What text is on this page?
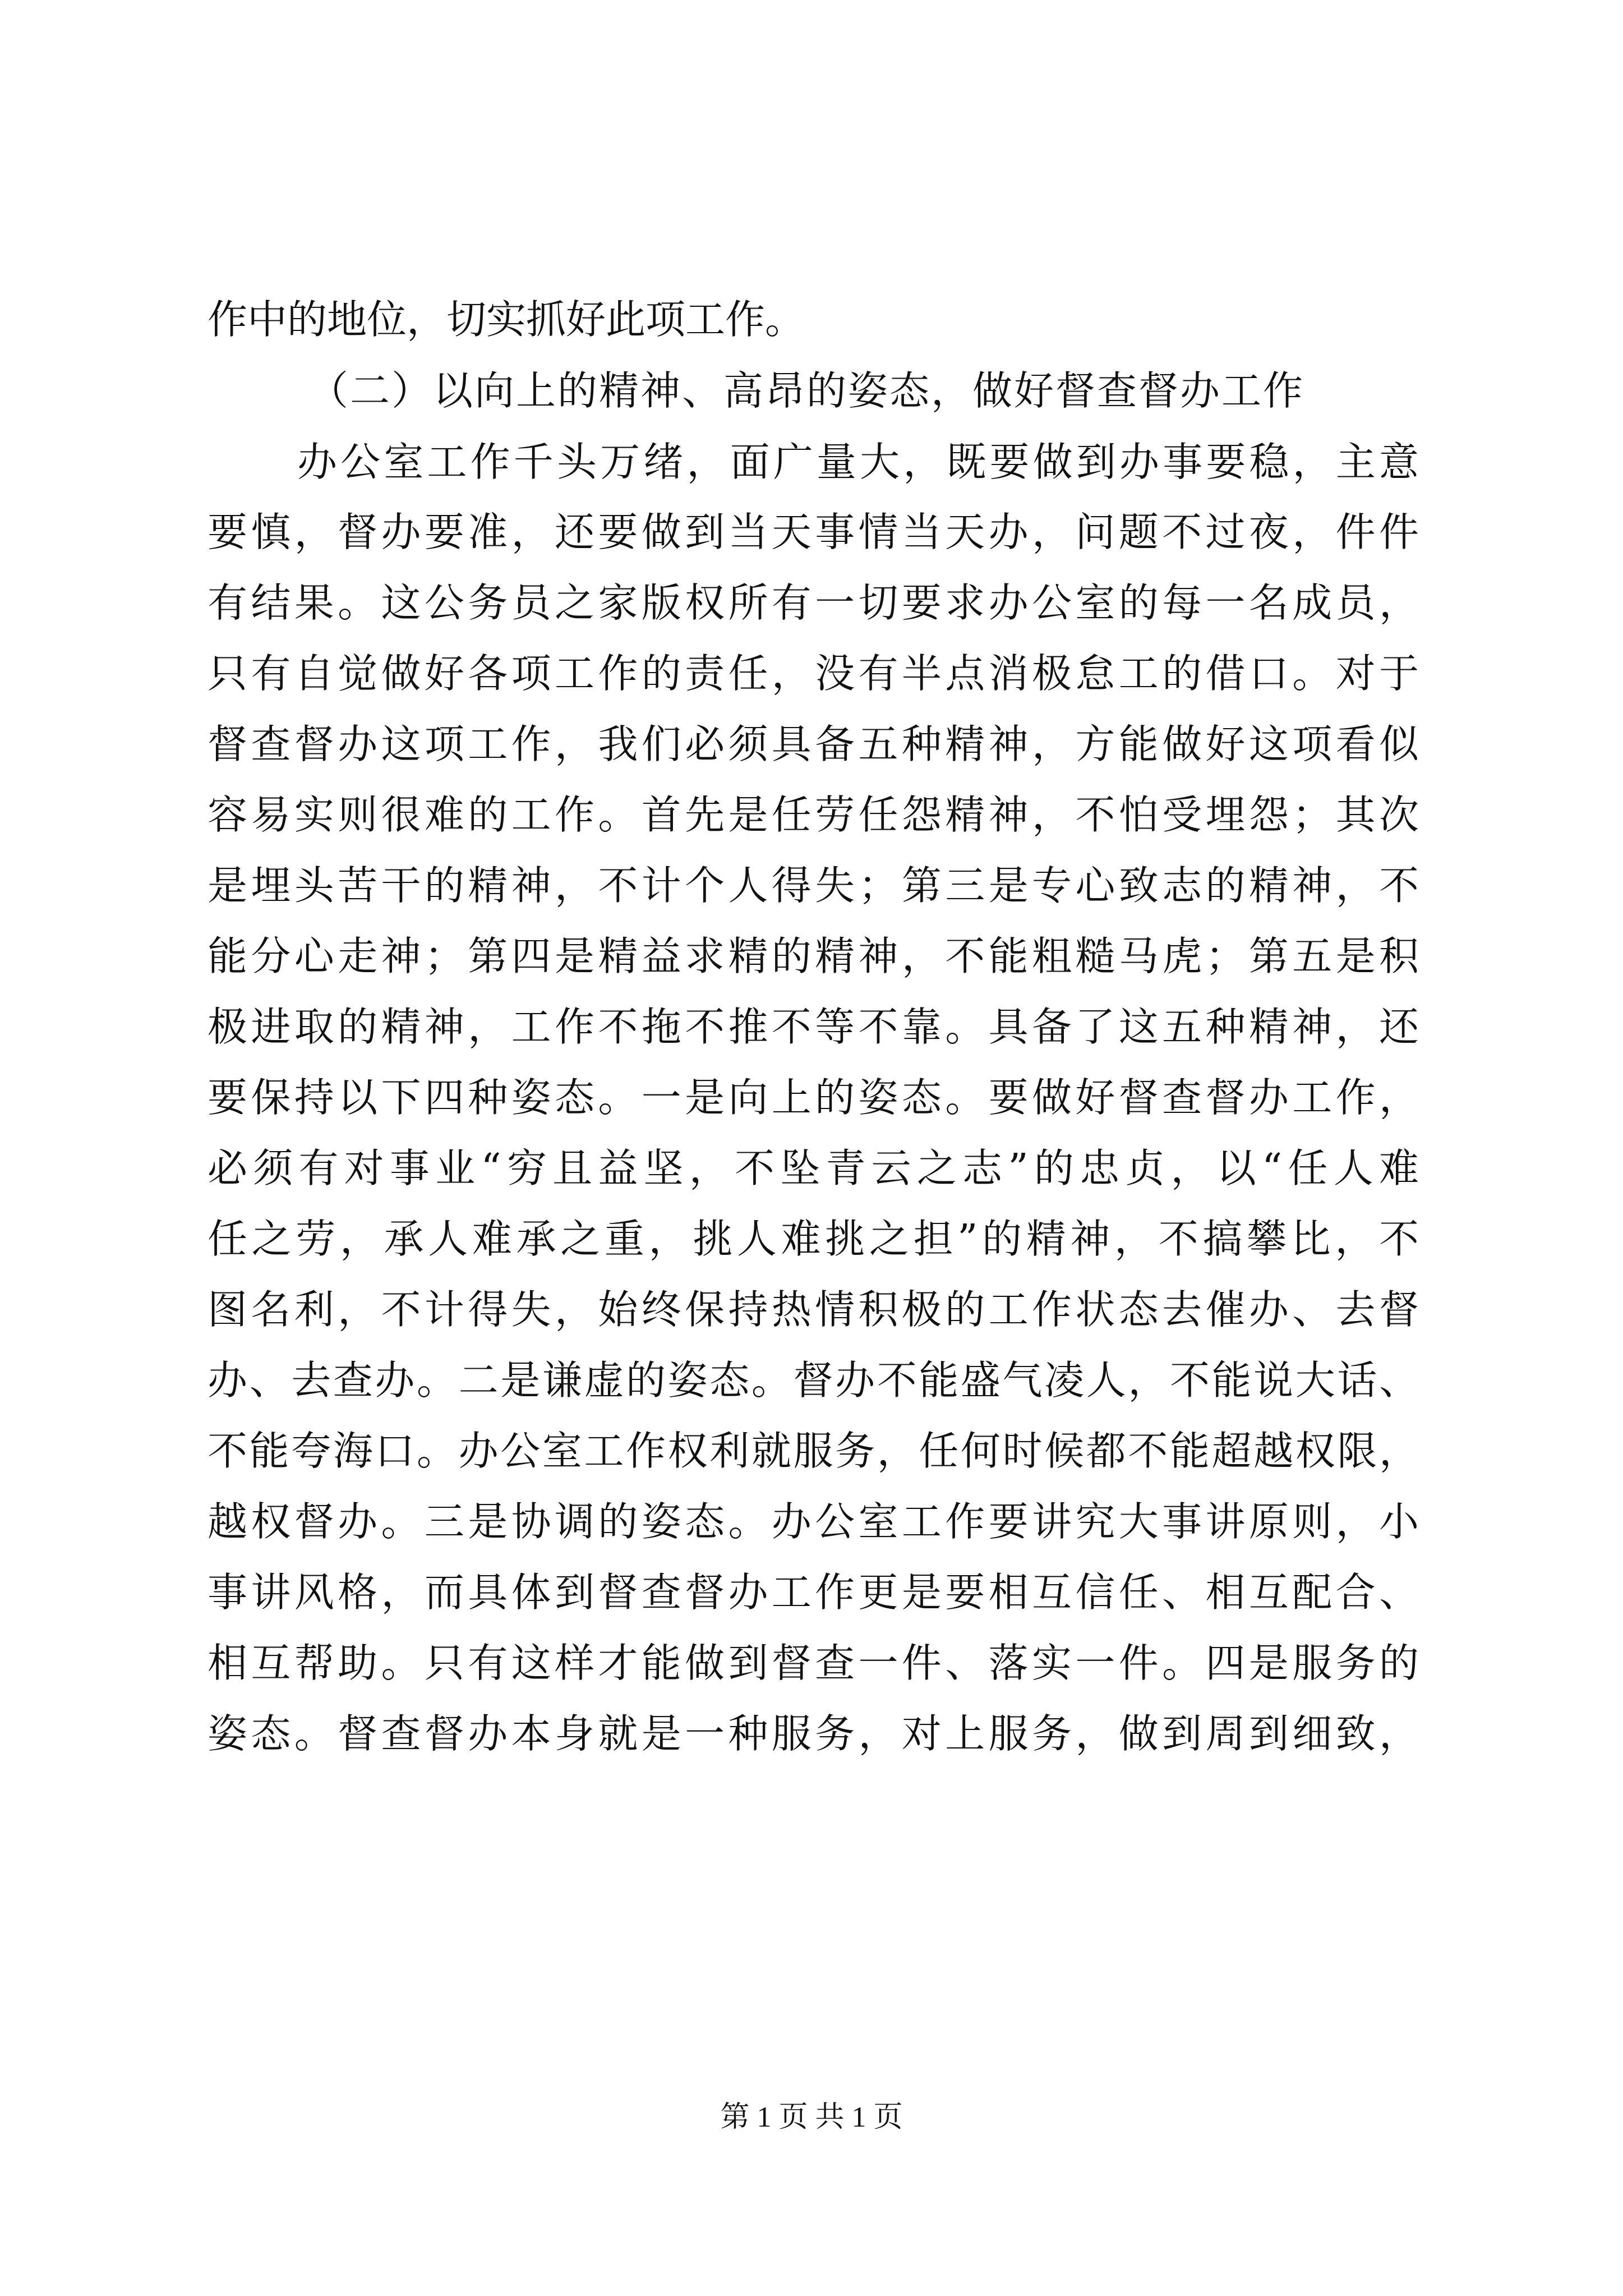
作中的地位，切实抓好此项工作。
（二）以向上的精神、高昂的姿态，做好督查督办工作
办公室工作千头万绪，面广量大，既要做到办事要稳，主意
要慎，督办要准，还要做到当天事情当天办，问题不过夜，件件
有结果。这公务员之家版权所有一切要求办公室的每一名成员，
只有自觉做好各项工作的责任，没有半点消极怠工的借口。对于
督查督办这项工作，我们必须具备五种精神，方能做好这项看似
容易实则很难的工作。首先是任劳任怨精神，不怕受埋怨；其次
是埋头苦干的精神，不计个人得失；第三是专心致志的精神，不
能分心走神；第四是精益求精的精神，不能粗糙马虎；第五是积
极进取的精神，工作不拖不推不等不靠。具备了这五种精神，还
要保持以下四种姿态。一是向上的姿态。要做好督查督办工作，
必须有对事业“穷且益坚，不坠青云之志”的忠贞，以“任人难
任之劳，承人难承之重，挑人难挑之担”的精神，不搞攀比，不
图名利，不计得失，始终保持热情积极的工作状态去催办、去督
办、去查办。二是谦虚的姿态。督办不能盛气凌人，不能说大话、
不能夸海口。办公室工作权利就服务，任何时候都不能超越权限，
越权督办。三是协调的姿态。办公室工作要讲究大事讲原则，小
事讲风格，而具体到督查督办工作更是要相互信任、相互配合、
相互帮助。只有这样才能做到督查一件、落实一件。四是服务的
姿态。督查督办本身就是一种服务，对上服务，做到周到细致，
第 1 页 共 1 页
